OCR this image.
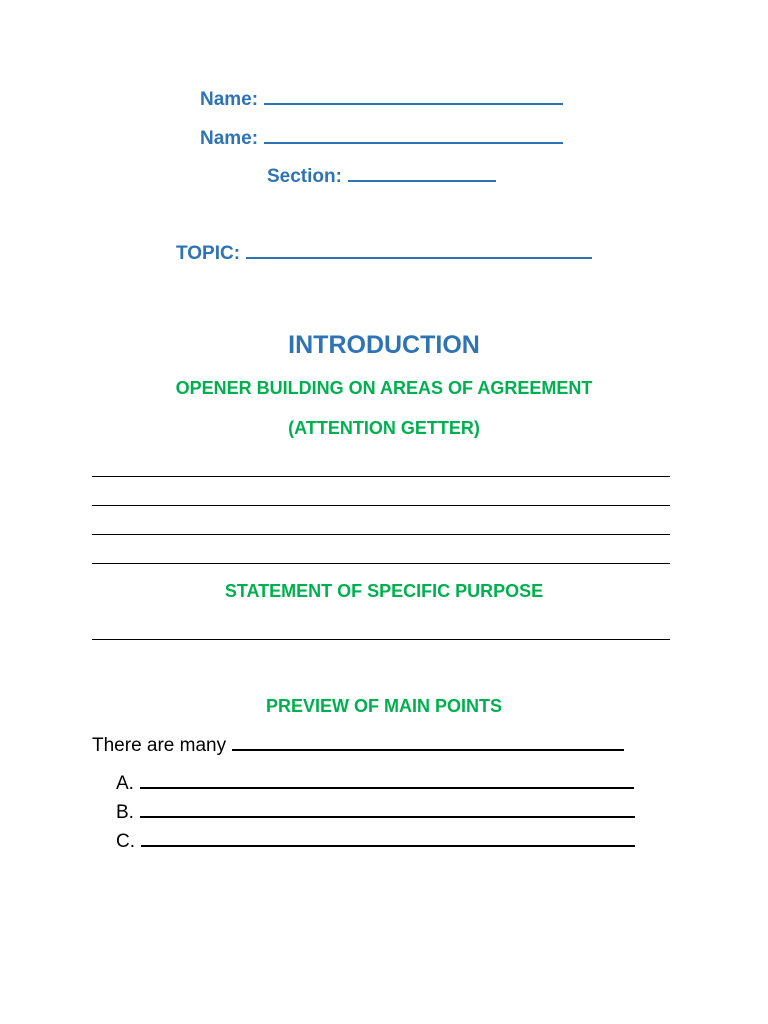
Name:
Name:
Section:
TOPIC:
INTRODUCTION
OPENER BUILDING ON AREAS OF AGREEMENT
(ATTENTION GETTER)
STATEMENT OF SPECIFIC PURPOSE
PREVIEW OF MAIN POINTS
There are many
A.
B.
C.
